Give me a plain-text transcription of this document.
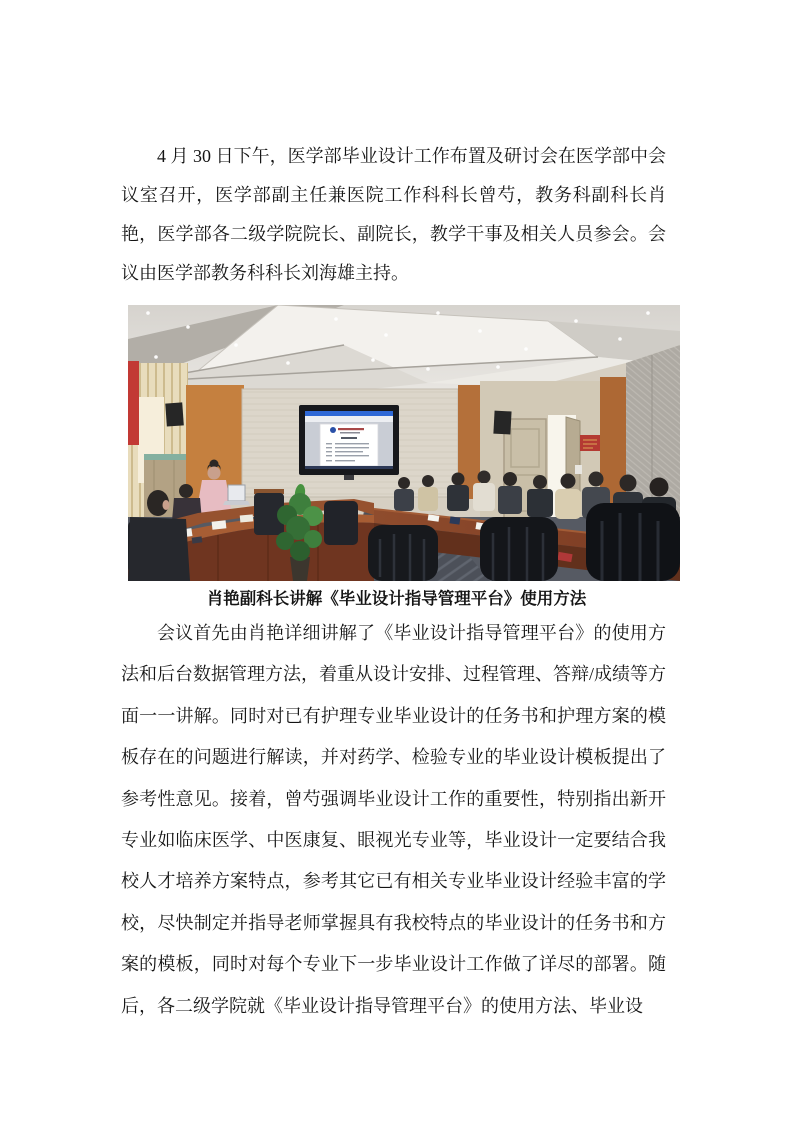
4 月 30 日下午，医学部毕业设计工作布置及研讨会在医学部中会议室召开，医学部副主任兼医院工作科科长曾芍，教务科副科长肖艳，医学部各二级学院院长、副院长，教学干事及相关人员参会。会议由医学部教务科科长刘海雄主持。

肖艳副科长讲解《毕业设计指导管理平台》使用方法

会议首先由肖艳详细讲解了《毕业设计指导管理平台》的使用方法和后台数据管理方法，着重从设计安排、过程管理、答辩/成绩等方面一一讲解。同时对已有护理专业毕业设计的任务书和护理方案的模板存在的问题进行解读，并对药学、检验专业的毕业设计模板提出了参考性意见。接着，曾芍强调毕业设计工作的重要性，特别指出新开专业如临床医学、中医康复、眼视光专业等，毕业设计一定要结合我校人才培养方案特点，参考其它已有相关专业毕业设计经验丰富的学校，尽快制定并指导老师掌握具有我校特点的毕业设计的任务书和方案的模板，同时对每个专业下一步毕业设计工作做了详尽的部署。随后，各二级学院就《毕业设计指导管理平台》的使用方法、毕业设
